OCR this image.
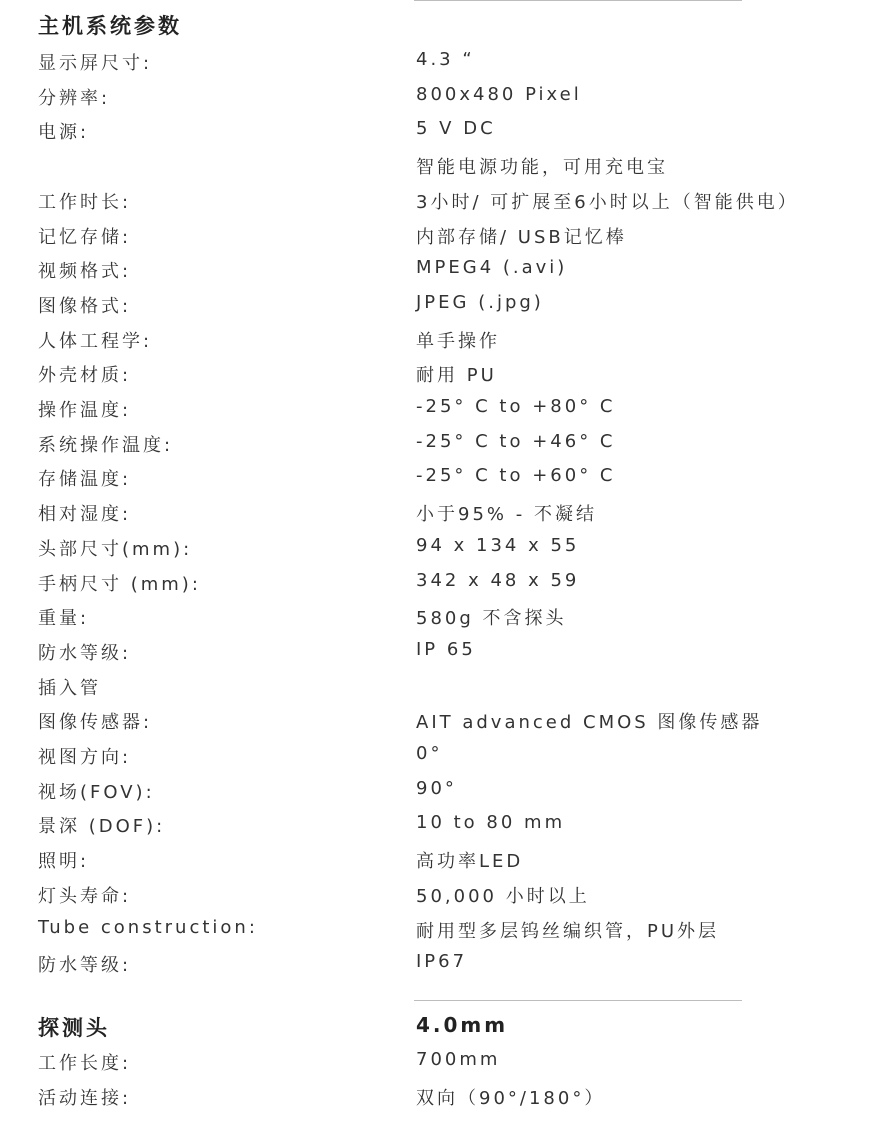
主机系统参数
显示屏尺寸:	4.3 “
分辨率:	800x480 Pixel
电源:	5 V DC
智能电源功能，可用充电宝
工作时长:	3小时/ 可扩展至6小时以上（智能供电）
记忆存储:	内部存储/ USB记忆棒
视频格式:	MPEG4 (.avi)
图像格式:	JPEG (.jpg)
人体工程学:	单手操作
外壳材质:	耐用 PU
操作温度:	-25° C to +80° C
系统操作温度:	-25° C to +46° C
存储温度:	-25° C to +60° C
相对湿度:	小于95% - 不凝结
头部尺寸(mm):	94 x 134 x 55
手柄尺寸 (mm):	342 x 48 x 59
重量:	580g 不含探头
防水等级:	IP 65
插入管
图像传感器:	AIT advanced CMOS 图像传感器
视图方向:	0°
视场(FOV):	90°
景深 (DOF):	10 to 80 mm
照明:	高功率LED
灯头寿命:	50,000 小时以上
Tube construction:	耐用型多层钨丝编织管，PU外层
防水等级:	IP67
探测头	4.0mm
工作长度:	700mm
活动连接:	双向（90°/180°）
